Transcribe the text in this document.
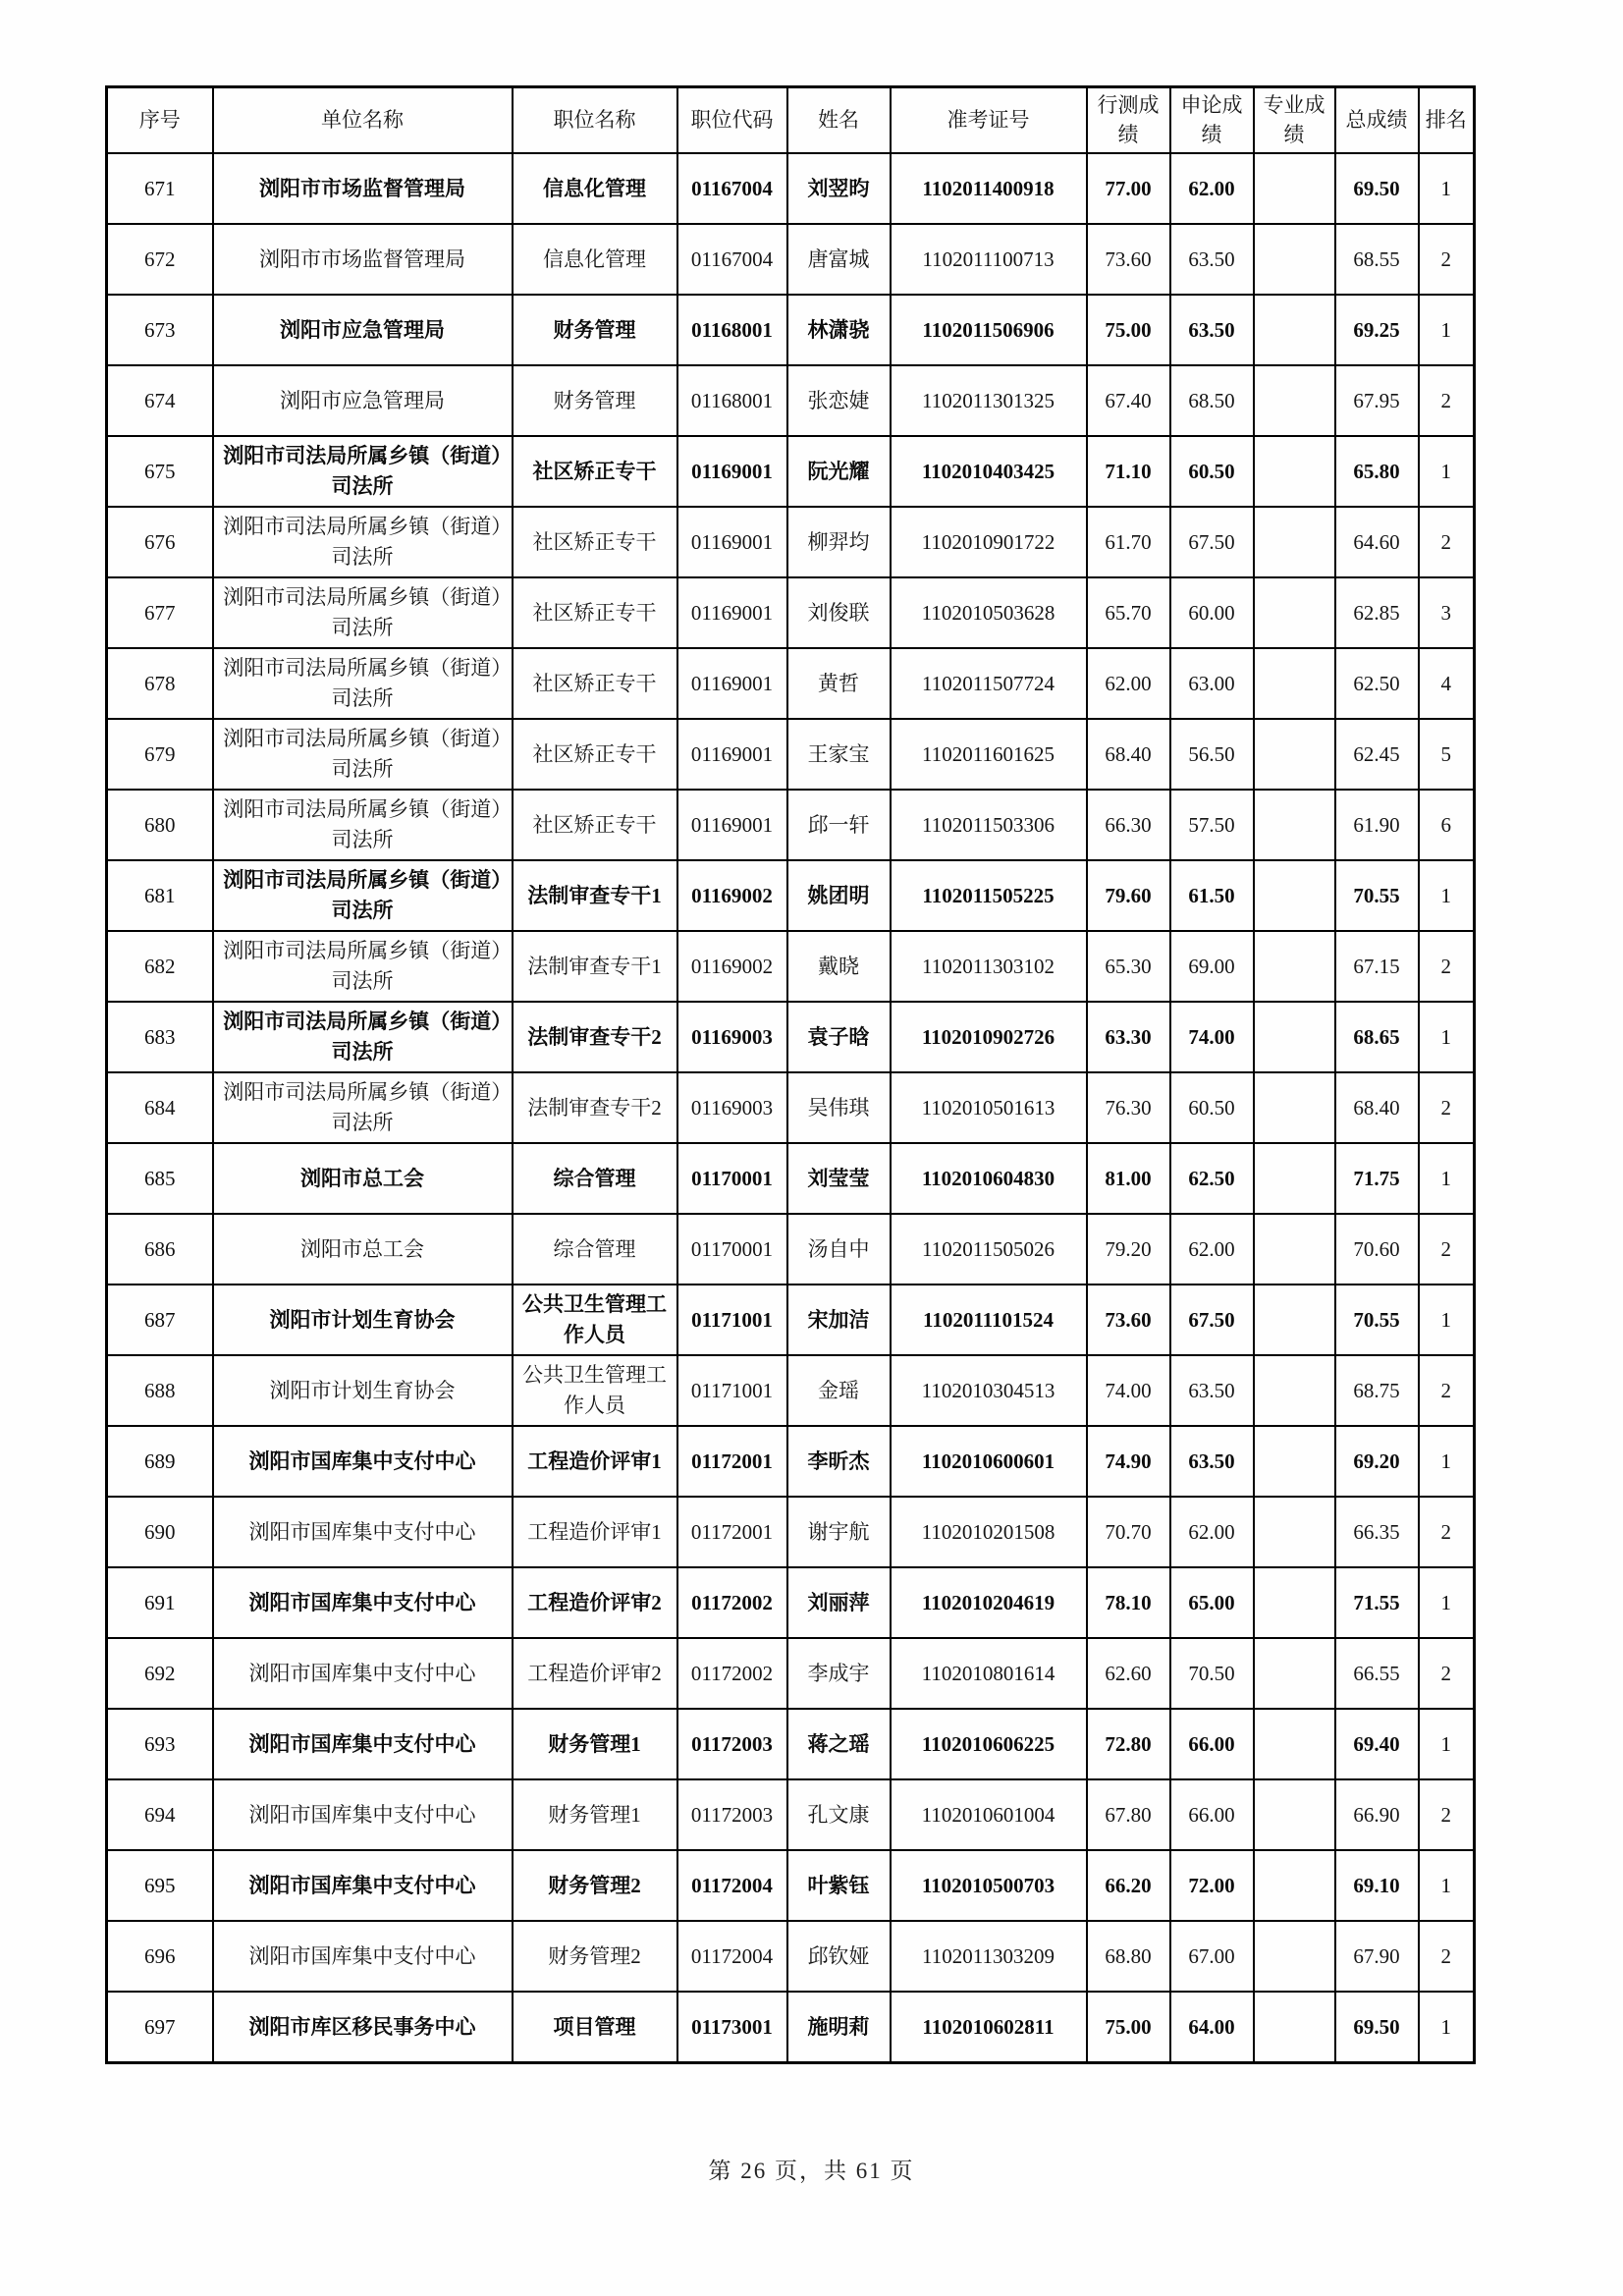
序号	单位名称	职位名称	职位代码	姓名	准考证号	行测成绩	申论成绩	专业成绩	总成绩	排名
671	浏阳市市场监督管理局	信息化管理	01167004	刘翌昀	1102011400918	77.00	62.00		69.50	1
672	浏阳市市场监督管理局	信息化管理	01167004	唐富城	1102011100713	73.60	63.50		68.55	2
673	浏阳市应急管理局	财务管理	01168001	林潇骁	1102011506906	75.00	63.50		69.25	1
674	浏阳市应急管理局	财务管理	01168001	张恋婕	1102011301325	67.40	68.50		67.95	2
675	浏阳市司法局所属乡镇（街道）司法所	社区矫正专干	01169001	阮光耀	1102010403425	71.10	60.50		65.80	1
676	浏阳市司法局所属乡镇（街道）司法所	社区矫正专干	01169001	柳羿均	1102010901722	61.70	67.50		64.60	2
677	浏阳市司法局所属乡镇（街道）司法所	社区矫正专干	01169001	刘俊联	1102010503628	65.70	60.00		62.85	3
678	浏阳市司法局所属乡镇（街道）司法所	社区矫正专干	01169001	黄哲	1102011507724	62.00	63.00		62.50	4
679	浏阳市司法局所属乡镇（街道）司法所	社区矫正专干	01169001	王家宝	1102011601625	68.40	56.50		62.45	5
680	浏阳市司法局所属乡镇（街道）司法所	社区矫正专干	01169001	邱一轩	1102011503306	66.30	57.50		61.90	6
681	浏阳市司法局所属乡镇（街道）司法所	法制审查专干1	01169002	姚团明	1102011505225	79.60	61.50		70.55	1
682	浏阳市司法局所属乡镇（街道）司法所	法制审查专干1	01169002	戴晓	1102011303102	65.30	69.00		67.15	2
683	浏阳市司法局所属乡镇（街道）司法所	法制审查专干2	01169003	袁子晗	1102010902726	63.30	74.00		68.65	1
684	浏阳市司法局所属乡镇（街道）司法所	法制审查专干2	01169003	吴伟琪	1102010501613	76.30	60.50		68.40	2
685	浏阳市总工会	综合管理	01170001	刘莹莹	1102010604830	81.00	62.50		71.75	1
686	浏阳市总工会	综合管理	01170001	汤自中	1102011505026	79.20	62.00		70.60	2
687	浏阳市计划生育协会	公共卫生管理工作人员	01171001	宋加洁	1102011101524	73.60	67.50		70.55	1
688	浏阳市计划生育协会	公共卫生管理工作人员	01171001	金瑶	1102010304513	74.00	63.50		68.75	2
689	浏阳市国库集中支付中心	工程造价评审1	01172001	李昕杰	1102010600601	74.90	63.50		69.20	1
690	浏阳市国库集中支付中心	工程造价评审1	01172001	谢宇航	1102010201508	70.70	62.00		66.35	2
691	浏阳市国库集中支付中心	工程造价评审2	01172002	刘丽萍	1102010204619	78.10	65.00		71.55	1
692	浏阳市国库集中支付中心	工程造价评审2	01172002	李成宇	1102010801614	62.60	70.50		66.55	2
693	浏阳市国库集中支付中心	财务管理1	01172003	蒋之瑶	1102010606225	72.80	66.00		69.40	1
694	浏阳市国库集中支付中心	财务管理1	01172003	孔文康	1102010601004	67.80	66.00		66.90	2
695	浏阳市国库集中支付中心	财务管理2	01172004	叶紫钰	1102010500703	66.20	72.00		69.10	1
696	浏阳市国库集中支付中心	财务管理2	01172004	邱钦娅	1102011303209	68.80	67.00		67.90	2
697	浏阳市库区移民事务中心	项目管理	01173001	施明莉	1102010602811	75.00	64.00		69.50	1
第 26 页，共 61 页
